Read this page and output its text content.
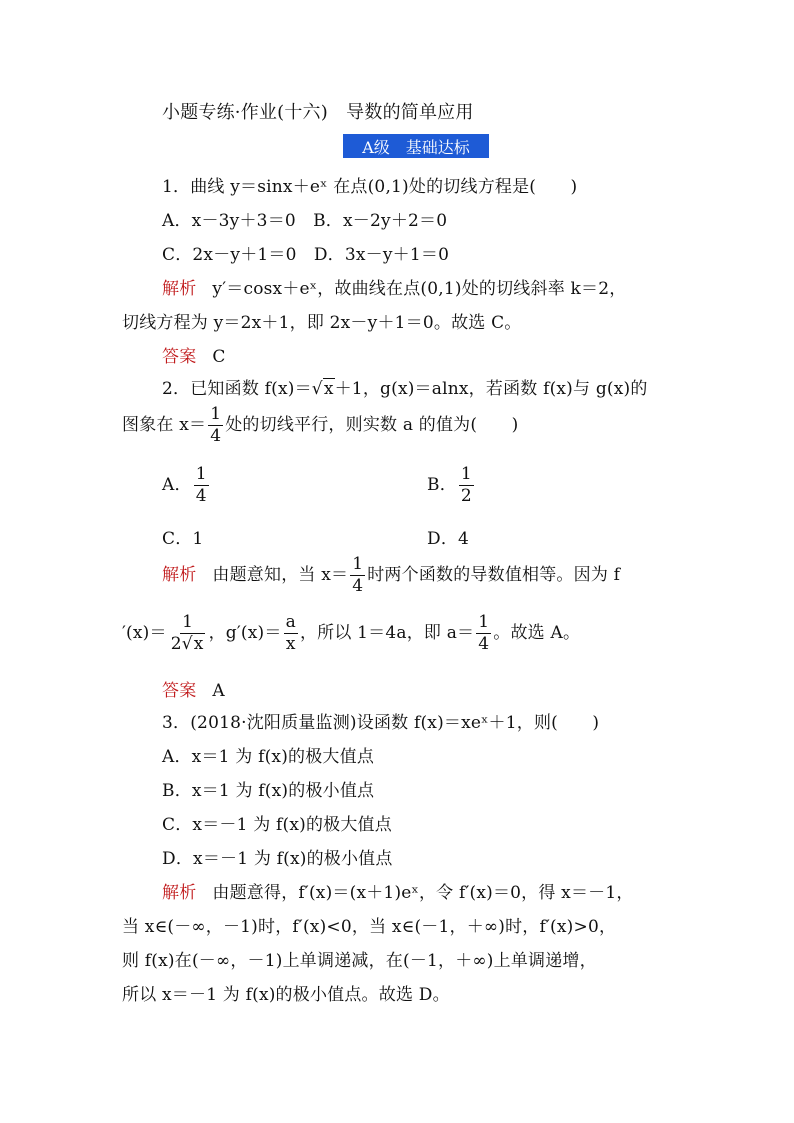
小题专练·作业(十六)　导数的简单应用
A级　基础达标
1．曲线 y＝sinx＋eˣ 在点(0,1)处的切线方程是(　　)
A．x－3y＋3＝0　B．x－2y＋2＝0
C．2x－y＋1＝0　D．3x－y＋1＝0
解析 y′＝cosx＋eˣ，故曲线在点(0,1)处的切线斜率 k＝2，
切线方程为 y＝2x＋1，即 2x－y＋1＝0。故选 C。
答案 C
2．已知函数 f(x)＝√x＋1，g(x)＝alnx，若函数 f(x)与 g(x)的
图象在 $x= \frac{1}{4}$ 处的切线平行，则实数 a 的值为(　　)
A． $\frac{1}{4}$	B． $\frac{1}{2}$
C．1	D．4
解析 由题意知，当 $x= \frac{1}{4}$ 时两个函数的导数值相等。因为 f
$'(x)= \frac{1}{2√x}$ ，$g'(x)= \frac{a}{x}$ ，所以 1＝4a，即 $a= \frac{1}{4}$ 。故选 A。
答案 A
3．(2018·沈阳质量监测)设函数 f(x)＝xeˣ＋1，则(　　)
A．x＝1 为 f(x)的极大值点
B．x＝1 为 f(x)的极小值点
C．x＝－1 为 f(x)的极大值点
D．x＝－1 为 f(x)的极小值点
解析 由题意得，f′(x)＝(x＋1)eˣ，令 f′(x)＝0，得 x＝－1，
当 x∈(－∞，－1)时，f′(x)<0，当 x∈(－1，＋∞)时，f′(x)>0，
则 f(x)在(－∞，－1)上单调递减，在(－1，＋∞)上单调递增，
所以 x＝－1 为 f(x)的极小值点。故选 D。
